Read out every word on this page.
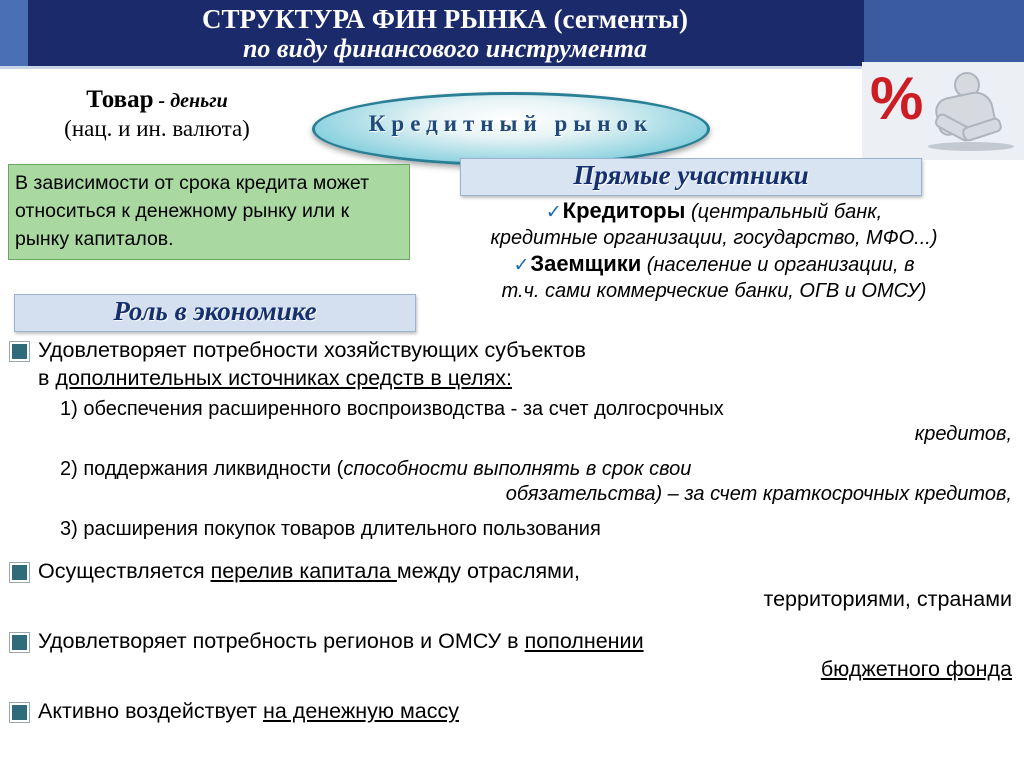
СТРУКТУРА ФИН РЫНКА (сегменты)
по виду финансового инструмента
%
Товар - деньги
(нац. и ин. валюта)	Кредитный рынок

В зависимости от срока кредита может относиться к денежному рынку или к рынку капиталов.

Прямые участники
✓Кредиторы (центральный банк,
кредитные организации, государство, МФО...)
✓Заемщики (население и организации, в
т.ч. сами коммерческие банки, ОГВ и ОМСУ)
Роль в экономике
Удовлетворяет потребности хозяйствующих субъектов
в дополнительных источниках средств в целях:
1) обеспечения расширенного воспроизводства - за счет долгосрочных
кредитов,
2) поддержания ликвидности (способности выполнять в срок свои
обязательства) – за счет краткосрочных кредитов,
3) расширения покупок товаров длительного пользования
Осуществляется перелив капитала между отраслями,
территориями, странами
Удовлетворяет потребность регионов и ОМСУ в пополнении
бюджетного фонда
Активно воздействует на денежную массу
